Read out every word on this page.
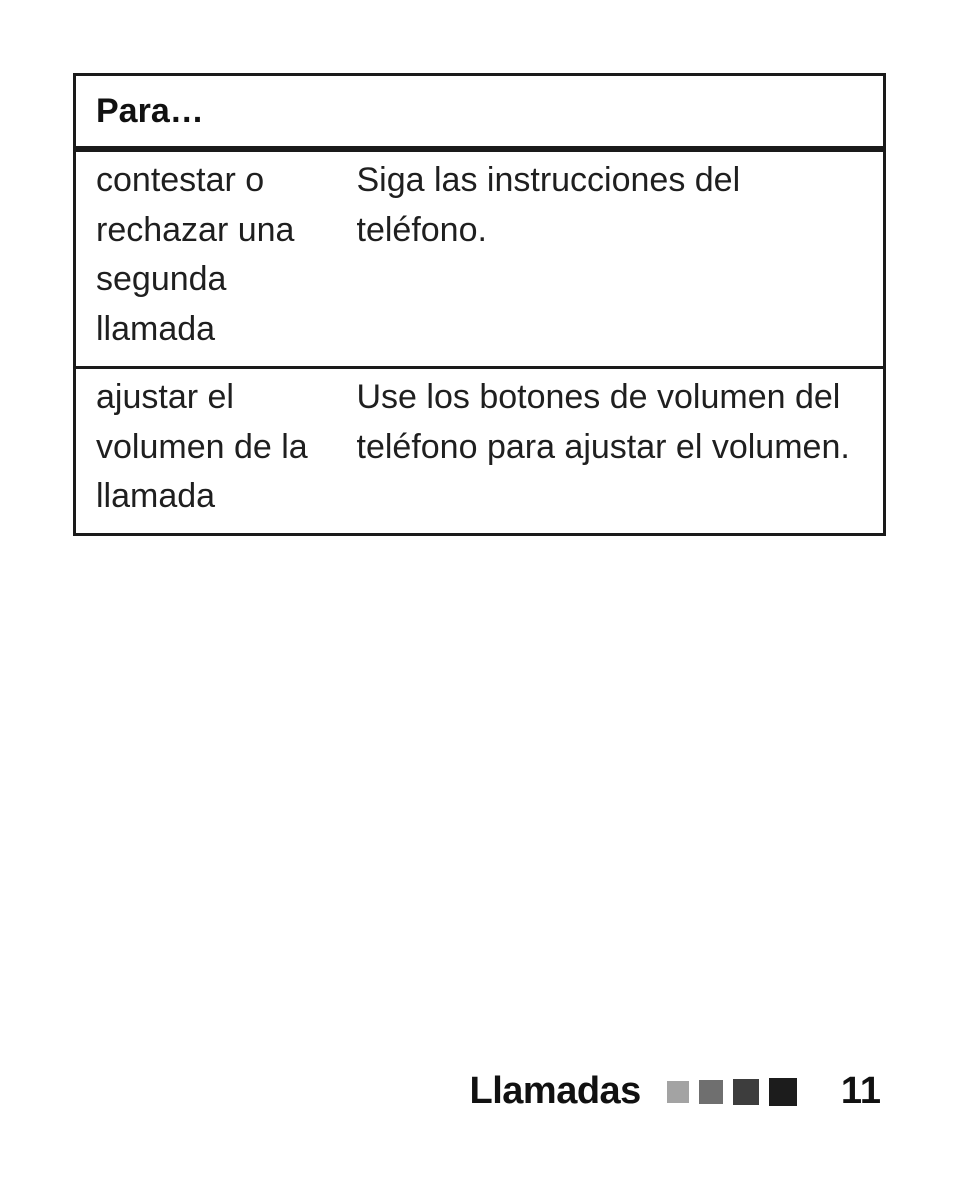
Para…	
contestar o rechazar una segunda llamada	Siga las instrucciones del teléfono.
ajustar el volumen de la llamada	Use los botones de volumen del teléfono para ajustar el volumen.
Llamadas	11
